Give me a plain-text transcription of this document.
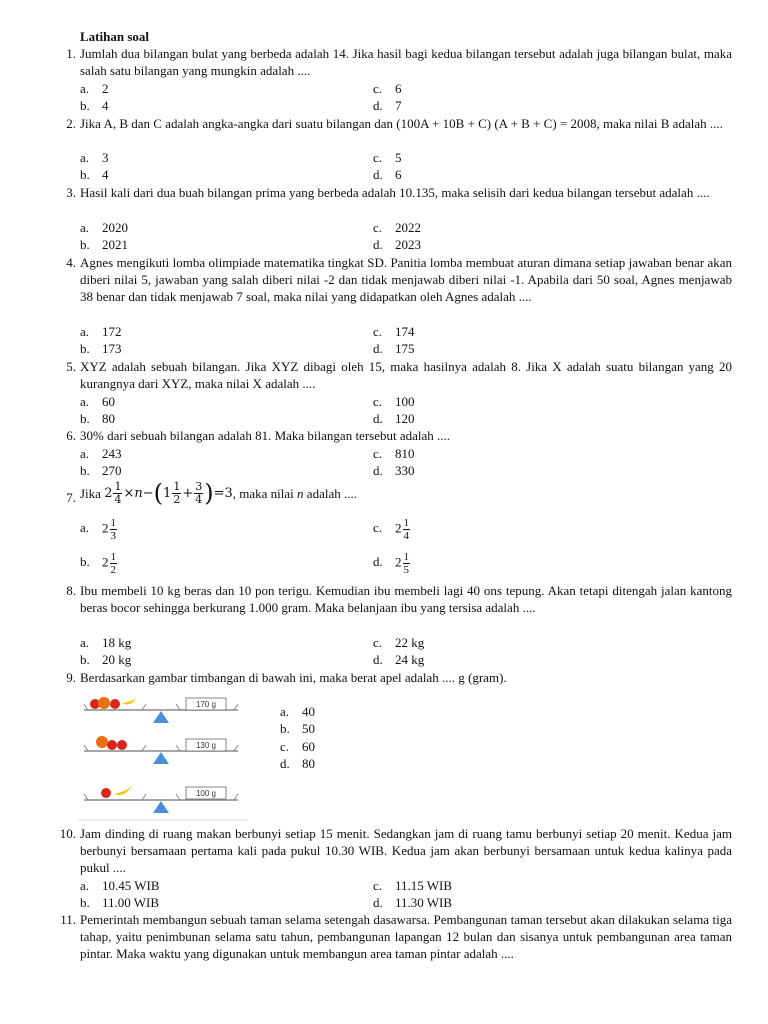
Latihan soal
1. Jumlah dua bilangan bulat yang berbeda adalah 14. Jika hasil bagi kedua bilangan tersebut adalah juga bilangan bulat, maka salah satu bilangan yang mungkin adalah ....
a. 2
b. 4
c. 6
d. 7
2. Jika A, B dan C adalah angka-angka dari suatu bilangan dan (100A + 10B + C) (A + B + C) = 2008, maka nilai B adalah ....
a. 3
b. 4
c. 5
d. 6
3. Hasil kali dari dua buah bilangan prima yang berbeda adalah 10.135, maka selisih dari kedua bilangan tersebut adalah ....
a. 2020
b. 2021
c. 2022
d. 2023
4. Agnes mengikuti lomba olimpiade matematika tingkat SD. Panitia lomba membuat aturan dimana setiap jawaban benar akan diberi nilai 5, jawaban yang salah diberi nilai -2 dan tidak menjawab diberi nilai -1. Apabila dari 50 soal, Agnes menjawab 38 benar dan tidak menjawab 7 soal, maka nilai yang didapatkan oleh Agnes adalah ....
a. 172
b. 173
c. 174
d. 175
5. XYZ adalah sebuah bilangan. Jika XYZ dibagi oleh 15, maka hasilnya adalah 8. Jika X adalah suatu bilangan yang 20 kurangnya dari XYZ, maka nilai X adalah ....
a. 60
b. 80
c. 100
d. 120
6. 30% dari sebuah bilangan adalah 81. Maka bilangan tersebut adalah ....
a. 243
b. 270
c. 810
d. 330
7. Jika
$2 \frac{1}{4} \times n$ − ( $1 \frac{1}{2} + \frac{3}{4}$ ) =3 , maka nilai
n
adalah ....
a. $2 \frac{1}{3}$
b. $2 \frac{1}{2}$
c. $2 \frac{1}{4}$
d. $2 \frac{1}{5}$
8. Ibu membeli 10 kg beras dan 10 pon terigu. Kemudian ibu membeli lagi 40 ons tepung. Akan tetapi ditengah jalan kantong beras bocor sehingga berkurang 1.000 gram. Maka belanjaan ibu yang tersisa adalah ....
a. 18 kg
b. 20 kg
c. 22 kg
d. 24 kg
9. Berdasarkan gambar timbangan di bawah ini, maka berat apel adalah .... g (gram).
170 g
130 g
100 g
a. 40
b. 50
c. 60
d. 80
10. Jam dinding di ruang makan berbunyi setiap 15 menit. Sedangkan jam di ruang tamu berbunyi setiap 20 menit. Kedua jam berbunyi bersamaan pertama kali pada pukul 10.30 WIB. Kedua jam akan berbunyi bersamaan untuk kedua kalinya pada pukul ....
a. 10.45 WIB
b. 11.00 WIB
c. 11.15 WIB
d. 11.30 WIB
11. Pemerintah membangun sebuah taman selama setengah dasawarsa. Pembangunan taman tersebut akan dilakukan selama tiga tahap, yaitu penimbunan selama satu tahun, pembangunan lapangan 12 bulan dan sisanya untuk pembangunan area taman pintar. Maka waktu yang digunakan untuk membangun area taman pintar adalah ....
